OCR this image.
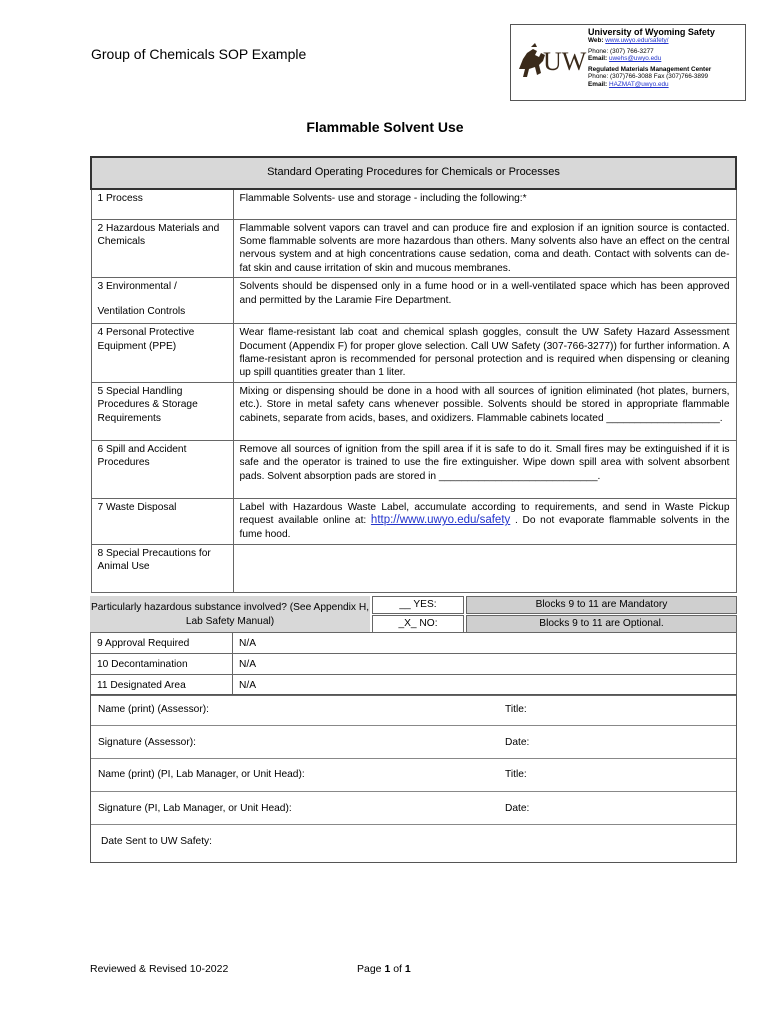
Group of Chemicals SOP Example	UW
University of Wyoming Safety
Web: www.uwyo.edu/safety/
Phone: (307) 766-3277
Email: uwehs@uwyo.edu
Regulated Materials Management Center
Phone: (307)766-3088 Fax (307)766-3899
Email: HAZMAT@uwyo.edu
Flammable Solvent Use
Standard Operating Procedures for Chemicals or Processes	
1 Process	Flammable Solvents- use and storage - including the following:*
2 Hazardous Materials and Chemicals	Flammable solvent vapors can travel and can produce fire and explosion if an ignition source is contacted. Some flammable solvents are more hazardous than others. Many solvents also have an effect on the central nervous system and at high concentrations cause sedation, coma and death. Contact with solvents can de-fat skin and cause irritation of skin and mucous membranes.

3 Environmental /
Ventilation Controls	Solvents should be dispensed only in a fume hood or in a well-ventilated space which has been approved and permitted by the Laramie Fire Department.
4 Personal Protective Equipment (PPE)	Wear flame-resistant lab coat and chemical splash goggles, consult the UW Safety Hazard Assessment Document (Appendix F) for proper glove selection. Call UW Safety (307-766-3277)) for further information. A flame-resistant apron is recommended for personal protection and is required when dispensing or cleaning up spill quantities greater than 1 liter.
5 Special Handling Procedures & Storage Requirements	Mixing or dispensing should be done in a hood with all sources of ignition eliminated (hot plates, burners, etc.). Store in metal safety cans whenever possible. Solvents should be stored in appropriate flammable cabinets, separate from acids, bases, and oxidizers. Flammable cabinets located ____________________.
6 Spill and Accident Procedures	Remove all sources of ignition from the spill area if it is safe to do it. Small fires may be extinguished if it is safe and the operator is trained to use the fire extinguisher. Wipe down spill area with solvent absorbent pads. Solvent absorption pads are stored in ____________________________.
7 Waste Disposal	Label with Hazardous Waste Label, accumulate according to requirements, and send in Waste Pickup request available online at: http://www.uwyo.edu/safety . Do not evaporate flammable solvents in the fume hood.
8 Special Precautions for Animal Use	
Particularly hazardous substance involved? (See Appendix H, Lab Safety Manual)
__ YES:
_X_ NO:
Blocks 9 to 11 are Mandatory
Blocks 9 to 11 are Optional.
9 Approval Required	N/A
10 Decontamination	N/A
11 Designated Area	N/A
Name (print) (Assessor):	Title:
Signature (Assessor):	Date:
Name (print) (PI, Lab Manager, or Unit Head):	Title:
Signature (PI, Lab Manager, or Unit Head):	Date:
Date Sent to UW Safety:
Reviewed & Revised 10-2022	Page 1 of 1
